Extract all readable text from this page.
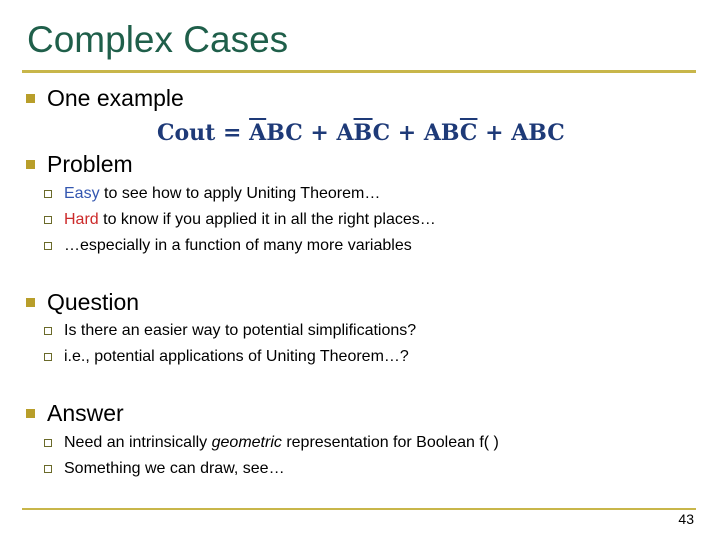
Complex Cases
One example
Cout = $\overline{A}BC + A\overline{B}C + AB\overline{C}$ + ABC
Problem
Easy to see how to apply Uniting Theorem…
Hard to know if you applied it in all the right places…
…especially in a function of many more variables
Question
Is there an easier way to potential simplifications?
i.e., potential applications of Uniting Theorem…?
Answer
Need an intrinsically geometric representation for Boolean f( )
Something we can draw, see…
43
